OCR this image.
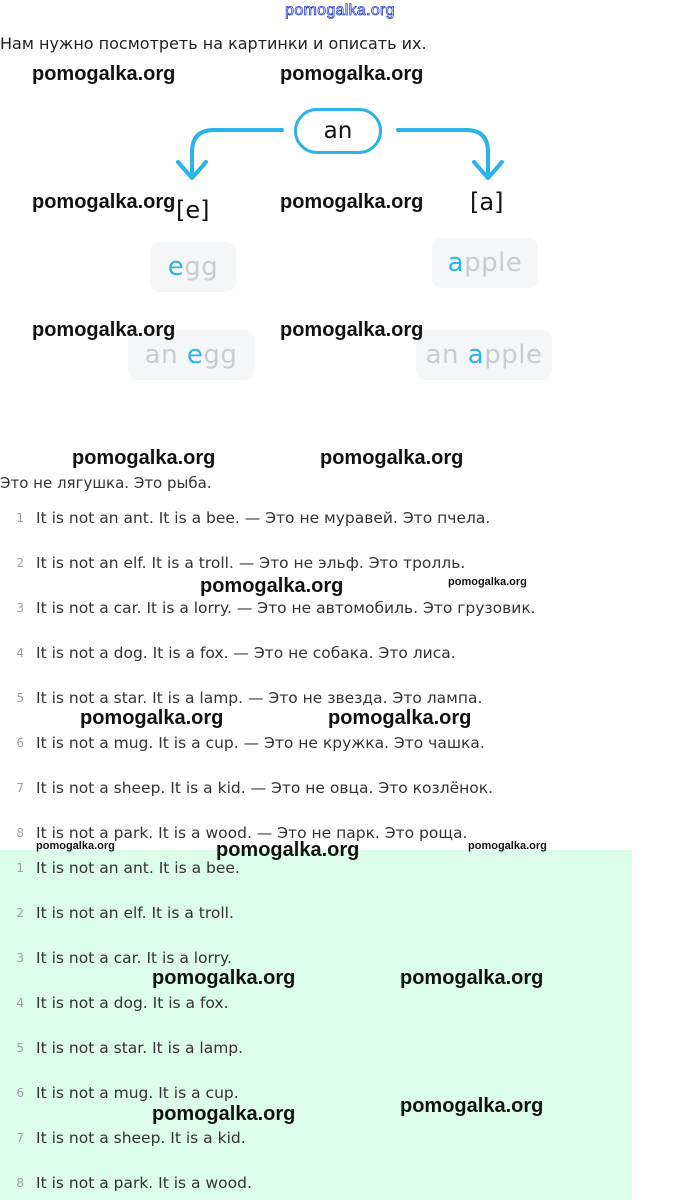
pomogalka.org
Нам нужно посмотреть на картинки и описать их.
an
[e]	[a]
egg	apple
an egg	an apple
Это не лягушка. Это рыба.
1 It is not an ant. It is a bee. — Это не муравей. Это пчела.
2 It is not an elf. It is a troll. — Это не эльф. Это тролль.
3 It is not a car. It is a lorry. — Это не автомобиль. Это грузовик.
4 It is not a dog. It is a fox. — Это не собака. Это лиса.
5 It is not a star. It is a lamp. — Это не звезда. Это лампа.
6 It is not a mug. It is a cup. — Это не кружка. Это чашка.
7 It is not a sheep. It is a kid. — Это не овца. Это козлёнок.
8 It is not a park. It is a wood. — Это не парк. Это роща.
1 It is not an ant. It is a bee.
2 It is not an elf. It is a troll.
3 It is not a car. It is a lorry.
4 It is not a dog. It is a fox.
5 It is not a star. It is a lamp.
6 It is not a mug. It is a cup.
7 It is not a sheep. It is a kid.
8 It is not a park. It is a wood.
pomogalka.org	pomogalka.org
pomogalka.org	pomogalka.org
pomogalka.org	pomogalka.org
pomogalka.org	pomogalka.org
pomogalka.org	pomogalka.org
pomogalka.org	pomogalka.org
pomogalka.org	pomogalka.org	pomogalka.org
pomogalka.org	pomogalka.org
pomogalka.org	pomogalka.org
